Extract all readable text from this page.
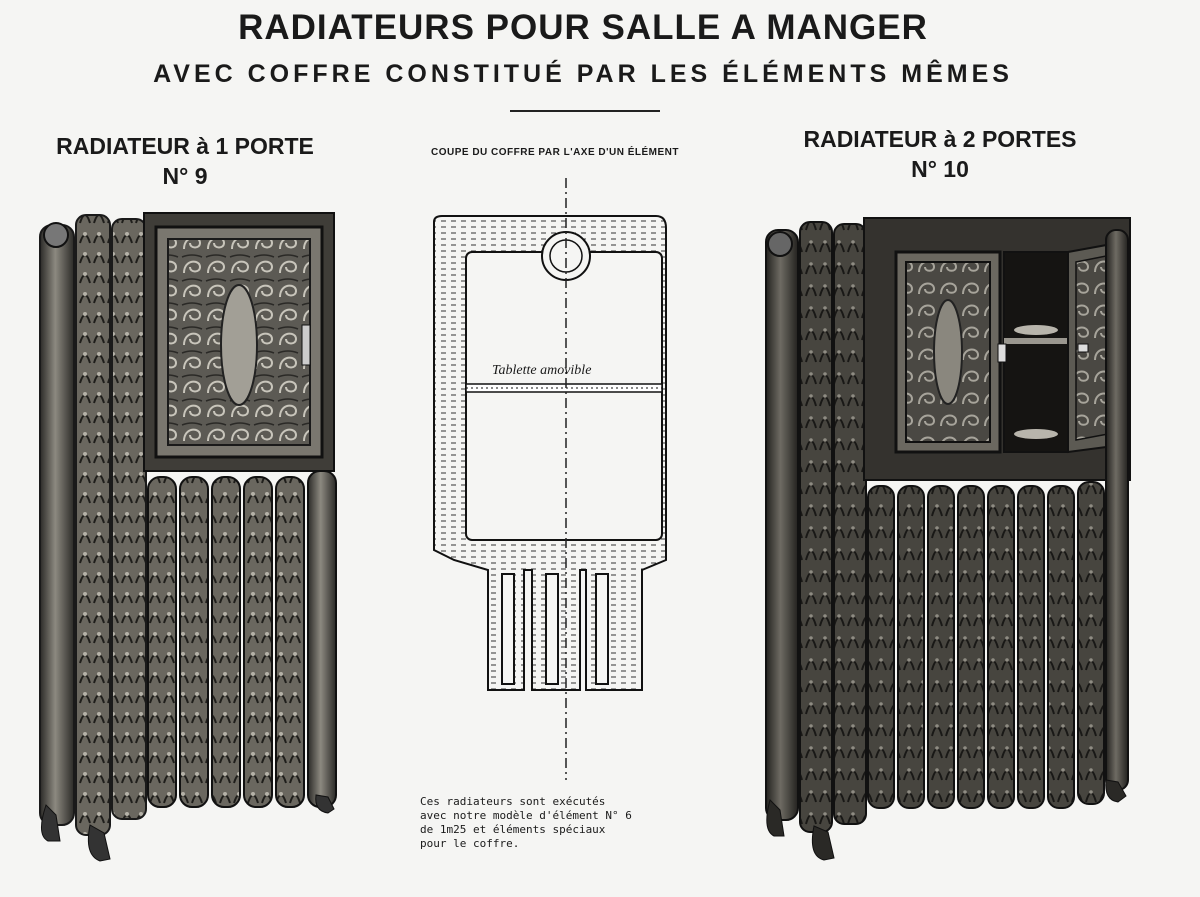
RADIATEURS POUR SALLE A MANGER
AVEC COFFRE CONSTITUÉ PAR LES ÉLÉMENTS MÊMES
RADIATEUR à 1 PORTE
N° 9
RADIATEUR à 2 PORTES
N° 10
COUPE DU COFFRE PAR L'AXE D'UN ÉLÉMENT
Tablette amovible
Ces radiateurs sont exécutés
avec notre modèle d'élément N° 6
de 1m25 et éléments spéciaux
pour le coffre.
